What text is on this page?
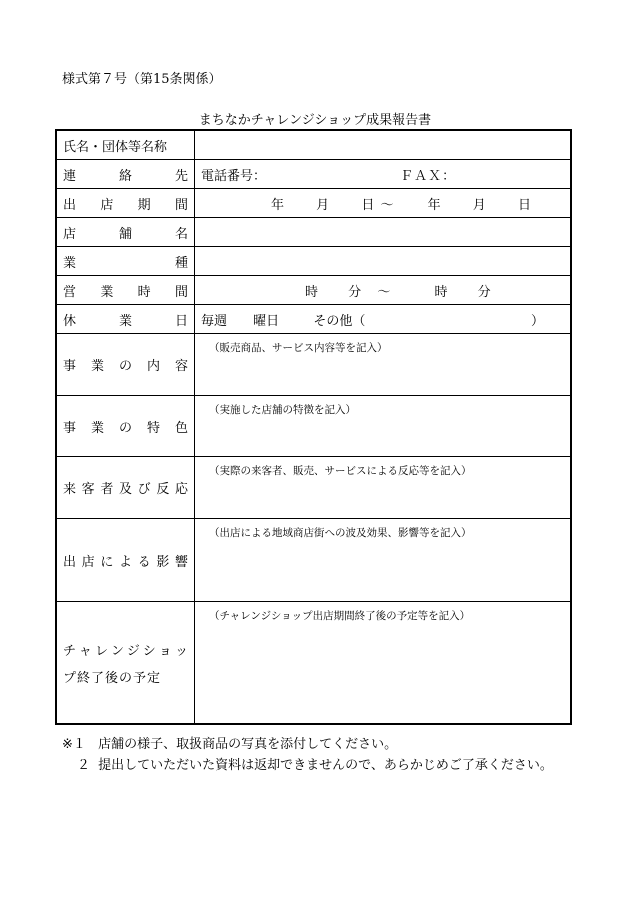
様式第７号（第15条関係）
まちなかチャレンジショップ成果報告書
氏名・団体等名称	

連　絡　先	電話番号： ＦＡＸ：

出　店　期　間	年 月 日 〜 年 月 日

店　舗　名	

業　種	

営　業　時　間	時 分 〜 時 分

休　業　日	毎週 曜日 その他（ ）

事 業 の 内 容	（販売商品、サービス内容等を記入）

事 業 の 特 色	（実施した店舗の特徴を記入）

来客者及び反応	（実際の来客者、販売、サービスによる反応等を記入）

出店による影響	（出店による地域商店街への波及効果、影響等を記入）

チャレンジショッ
プ終了後の予定	（チャレンジショップ出店期間終了後の予定等を記入）
※１ 店舗の様子、取扱商品の写真を添付してください。
２ 提出していただいた資料は返却できませんので、あらかじめご了承ください。
